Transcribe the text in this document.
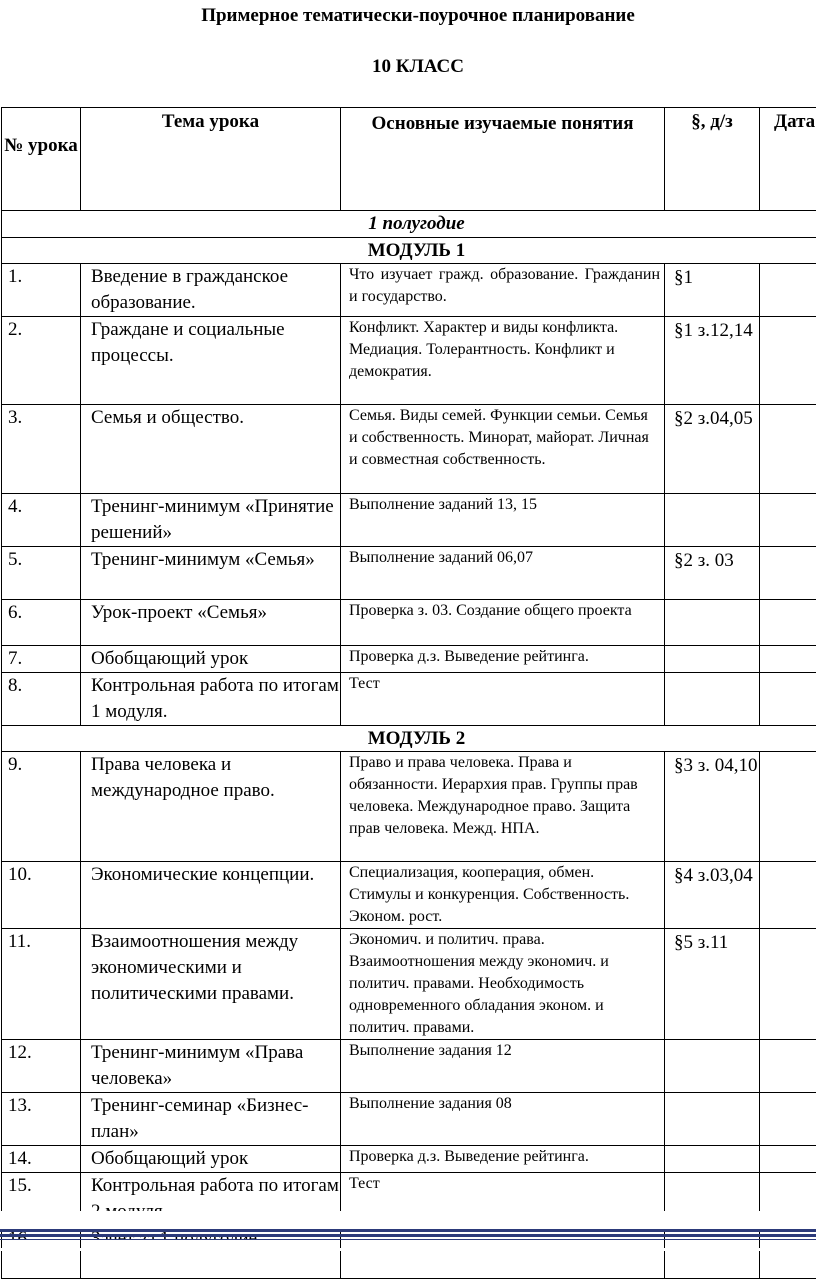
Примерное тематически-поурочное планирование
10 КЛАСС
№ урока	Тема урока	Основные изучаемые понятия	§, д/з	Дата
1 полугодие				
МОДУЛЬ 1				
1.	Введение в гражданское образование.	Что изучает гражд. образование. Гражданин и государство.	§1	
2.	Граждане и социальные процессы.	Конфликт. Характер и виды конфликта. Медиация. Толерантность. Конфликт и демократия.	§1 з.12,14	
3.	Семья и общество.	Семья. Виды семей. Функции семьи. Семья и собственность. Минорат, майорат. Личная и совместная собственность.	§2 з.04,05	
4.	Тренинг-минимум «Принятие решений»	Выполнение заданий 13, 15		
5.	Тренинг-минимум «Семья»	Выполнение заданий 06,07	§2 з. 03	
6.	Урок-проект «Семья»	Проверка з. 03. Создание общего проекта		
7.	Обобщающий урок	Проверка д.з. Выведение рейтинга.		
8.	Контрольная работа по итогам 1 модуля.	Тест		
МОДУЛЬ 2				
9.	Права человека и международное право.	Право и права человека. Права и обязанности. Иерархия прав. Группы прав человека. Международное право. Защита прав человека. Межд. НПА.	§3 з. 04,10	
10.	Экономические концепции.	Специализация, кооперация, обмен. Стимулы и конкуренция. Собственность. Эконом. рост.	§4 з.03,04	
11.	Взаимоотношения между экономическими и политическими правами.	Экономич. и политич. права. Взаимоотношения между экономич. и политич. правами. Необходимость одновременного обладания эконом. и политич. правами.	§5 з.11	
12.	Тренинг-минимум «Права человека»	Выполнение задания 12		
13.	Тренинг-семинар «Бизнес-план»	Выполнение задания 08		
14.	Обобщающий урок	Проверка д.з. Выведение рейтинга.		
15.	Контрольная работа по итогам	Тест		
